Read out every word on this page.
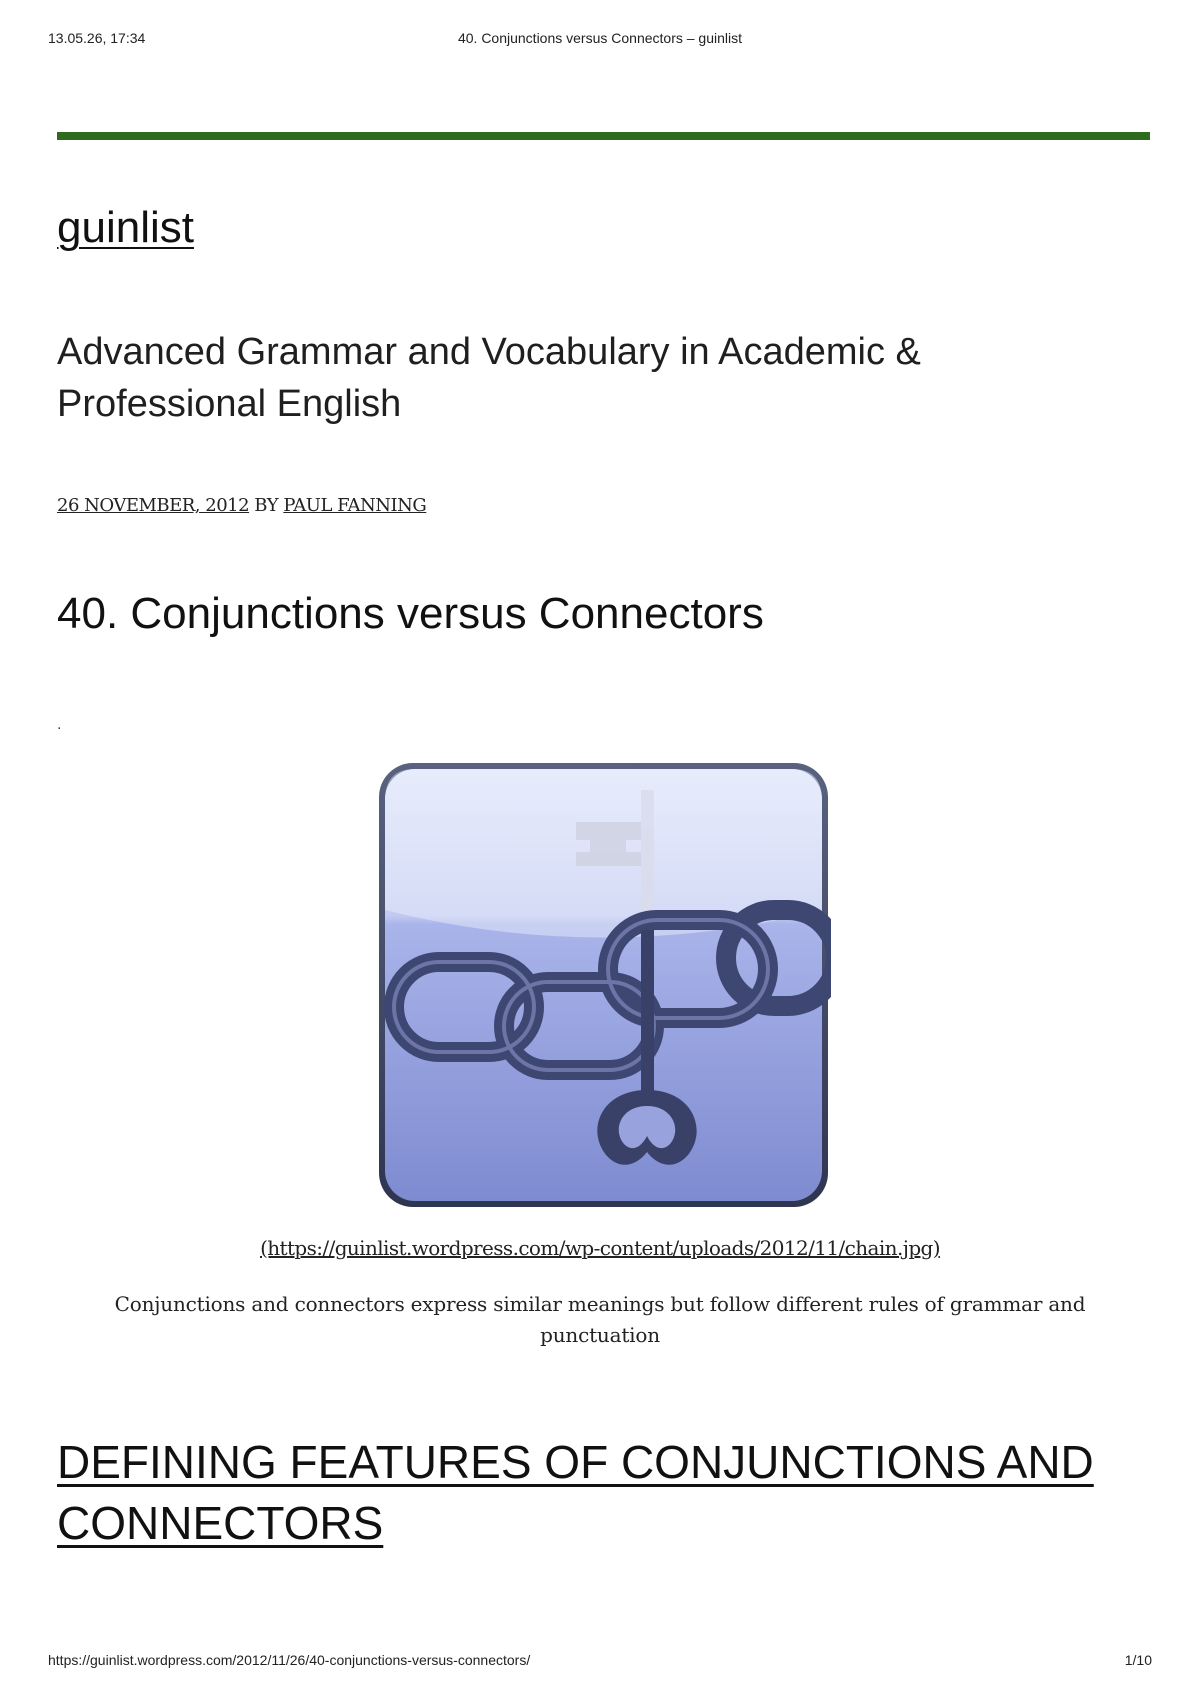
13.05.26, 17:34	40. Conjunctions versus Connectors – guinlist
guinlist
Advanced Grammar and Vocabulary in Academic & Professional English
26 NOVEMBER, 2012 BY PAUL FANNING
40. Conjunctions versus Connectors
.
(https://guinlist.wordpress.com/wp-content/uploads/2012/11/chain.jpg)
Conjunctions and connectors express similar meanings but follow different rules of grammar and punctuation
DEFINING FEATURES OF CONJUNCTIONS AND CONNECTORS
https://guinlist.wordpress.com/2012/11/26/40-conjunctions-versus-connectors/	1/10
